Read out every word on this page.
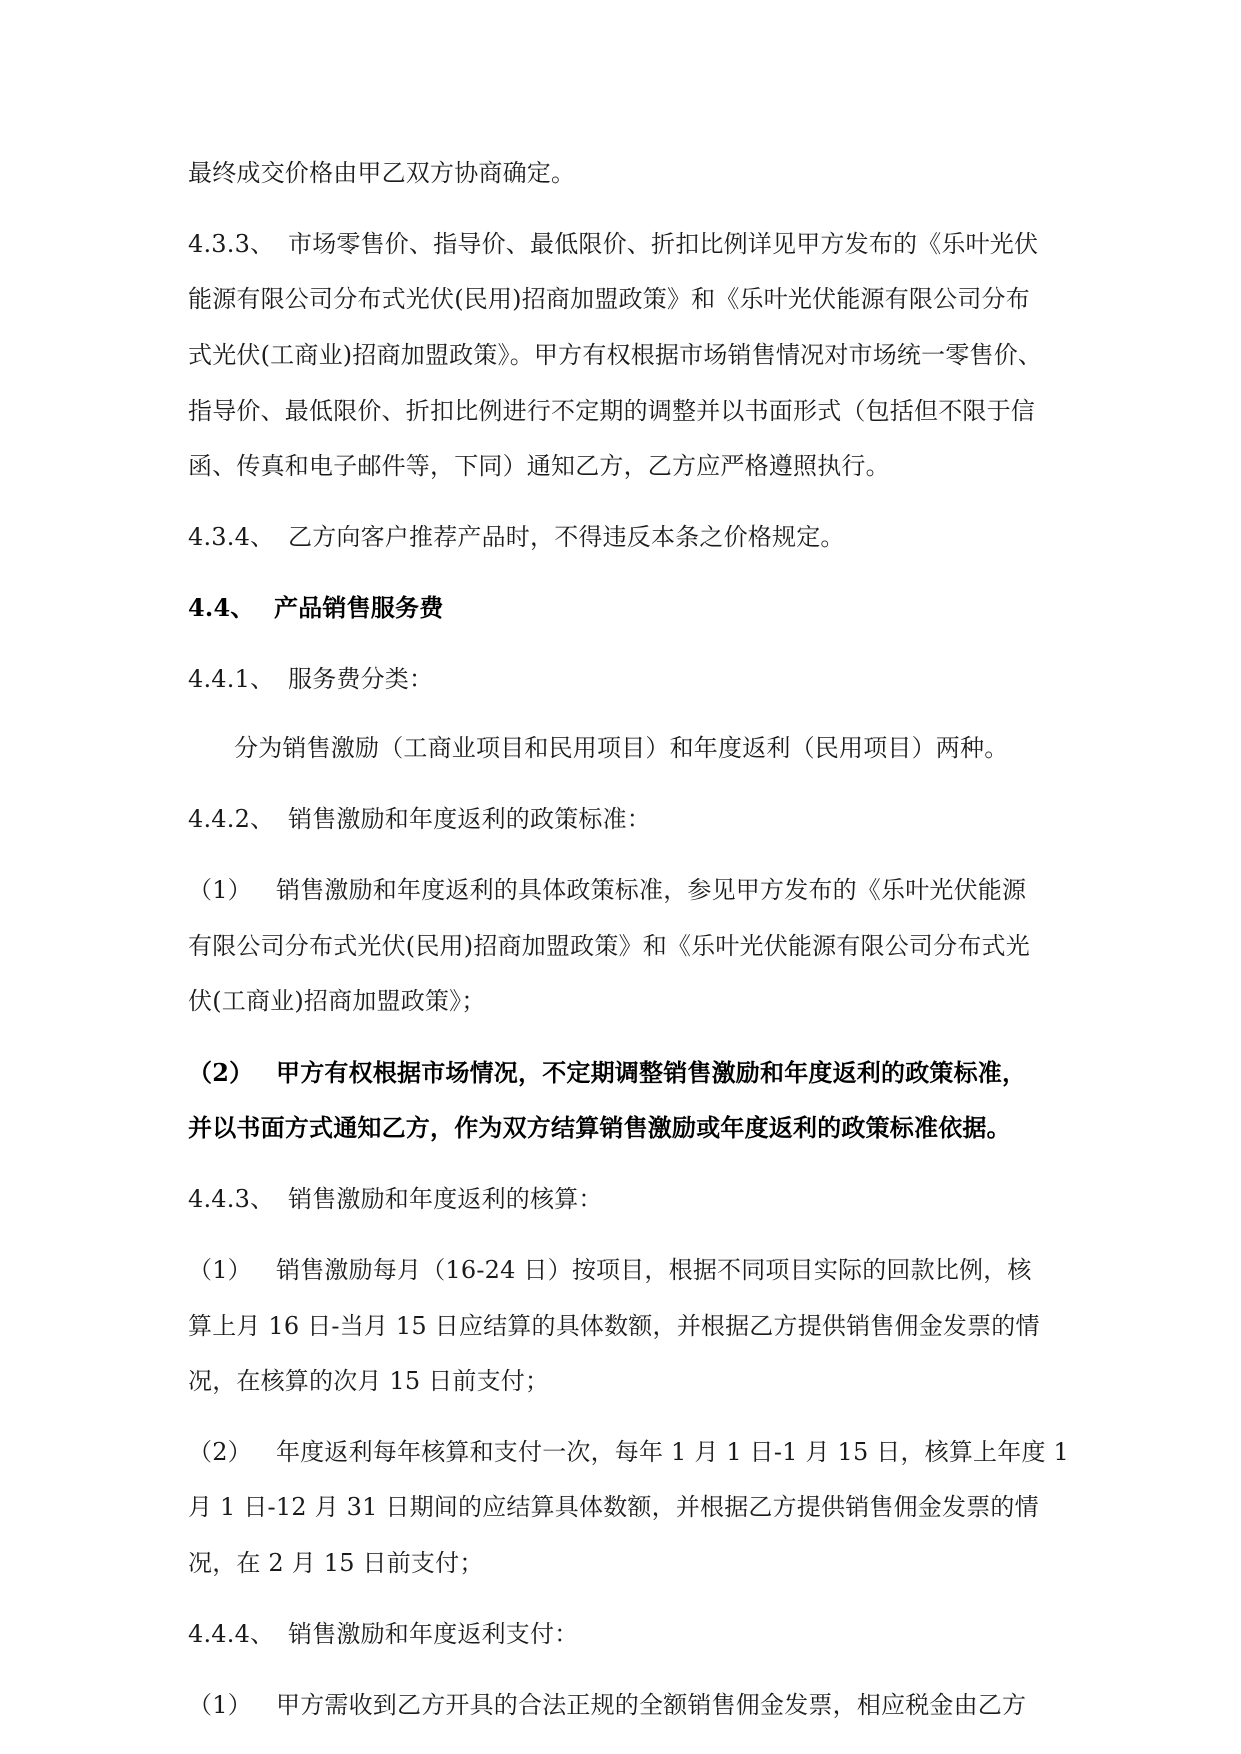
最终成交价格由甲乙双方协商确定。
4.3.3、 市场零售价、指导价、最低限价、折扣比例详见甲方发布的《乐叶光伏
能源有限公司分布式光伏(民用)招商加盟政策》和《乐叶光伏能源有限公司分布
式光伏(工商业)招商加盟政策》。甲方有权根据市场销售情况对市场统一零售价、
指导价、最低限价、折扣比例进行不定期的调整并以书面形式（包括但不限于信
函、传真和电子邮件等，下同）通知乙方，乙方应严格遵照执行。
4.3.4、 乙方向客户推荐产品时，不得违反本条之价格规定。
4.4、 产品销售服务费
4.4.1、 服务费分类：
分为销售激励（工商业项目和民用项目）和年度返利（民用项目）两种。
4.4.2、 销售激励和年度返利的政策标准：
（1） 销售激励和年度返利的具体政策标准，参见甲方发布的《乐叶光伏能源
有限公司分布式光伏(民用)招商加盟政策》和《乐叶光伏能源有限公司分布式光
伏(工商业)招商加盟政策》；
（2） 甲方有权根据市场情况，不定期调整销售激励和年度返利的政策标准，
并以书面方式通知乙方，作为双方结算销售激励或年度返利的政策标准依据。
4.4.3、 销售激励和年度返利的核算：
（1） 销售激励每月（16-24 日）按项目，根据不同项目实际的回款比例，核
算上月 16 日-当月 15 日应结算的具体数额，并根据乙方提供销售佣金发票的情
况，在核算的次月 15 日前支付；
（2） 年度返利每年核算和支付一次，每年 1 月 1 日-1 月 15 日，核算上年度 1
月 1 日-12 月 31 日期间的应结算具体数额，并根据乙方提供销售佣金发票的情
况，在 2 月 15 日前支付；
4.4.4、 销售激励和年度返利支付：
（1） 甲方需收到乙方开具的合法正规的全额销售佣金发票，相应税金由乙方
